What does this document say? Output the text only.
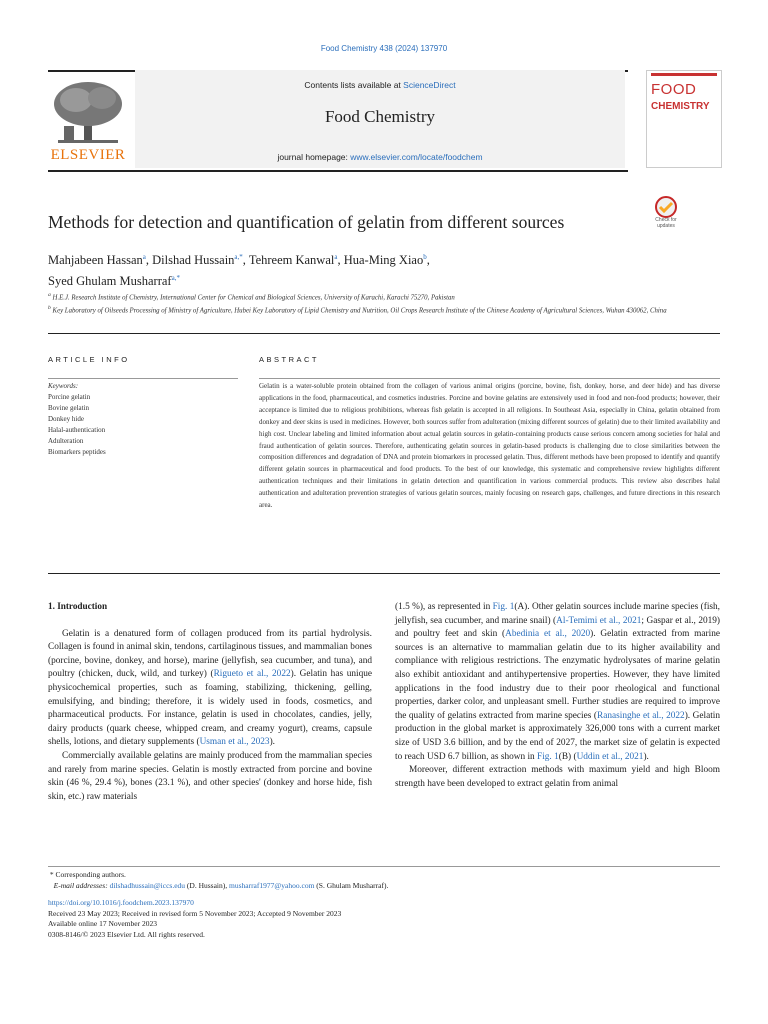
Food Chemistry 438 (2024) 137970
ELSEVIER
Contents lists available at ScienceDirect
Food Chemistry
journal homepage: www.elsevier.com/locate/foodchem
FOOD
CHEMISTRY
Methods for detection and quantification of gelatin from different sources	Check for updates
Mahjabeen Hassan$^a$, Dilshad Hussain$^{a,*}$, Tehreem Kanwal$^a$, Hua-Ming Xiao$^b$,
Syed Ghulam Musharraf$^{a,*}$
$^a$ H.E.J. Research Institute of Chemistry, International Center for Chemical and Biological Sciences, University of Karachi, Karachi 75270, Pakistan
$^b$ Key Laboratory of Oilseeds Processing of Ministry of Agriculture, Hubei Key Laboratory of Lipid Chemistry and Nutrition, Oil Crops Research Institute of the Chinese Academy of Agricultural Sciences, Wuhan 430062, China
ARTICLE INFO	ABSTRACT
Keywords:
Porcine gelatin
Bovine gelatin
Donkey hide
Halal-authentication
Adulteration
Biomarkers peptides
Gelatin is a water-soluble protein obtained from the collagen of various animal origins (porcine, bovine, fish, donkey, horse, and deer hide) and has diverse applications in the food, pharmaceutical, and cosmetics industries. Porcine and bovine gelatins are extensively used in food and non-food products; however, their acceptance is limited due to religious prohibitions, whereas fish gelatin is accepted in all religions. In Southeast Asia, especially in China, gelatin obtained from donkey and deer skins is used in medicines. However, both sources suffer from adulteration (mixing different sources of gelatin) due to their limited availability and high cost. Unclear labeling and limited information about actual gelatin sources in gelatin-containing products cause serious concern among societies for halal and fraud authentication of gelatin sources. Therefore, authenticating gelatin sources in gelatin-based products is challenging due to close similarities between the composition differences and degradation of DNA and protein biomarkers in processed gelatin. Thus, different methods have been proposed to identify and quantify different gelatin sources in pharmaceutical and food products. To the best of our knowledge, this systematic and comprehensive review highlights different authentication techniques and their limitations in gelatin detection and quantification in various commercial products. This review also describes halal authentication and adulteration prevention strategies of various gelatin sources, mainly focusing on research gaps, challenges, and future directions in this research area.
1. Introduction

Gelatin is a denatured form of collagen produced from its partial hydrolysis. Collagen is found in animal skin, tendons, cartilaginous tissues, and mammalian bones (porcine, bovine, donkey, and horse), marine (jellyfish, sea cucumber, and tuna), and poultry (chicken, duck, wild, and turkey) (Rigueto et al., 2022). Gelatin has unique physicochemical properties, such as foaming, stabilizing, thickening, gelling, emulsifying, and binding; therefore, it is widely used in foods, cosmetics, and pharmaceutical products. For instance, gelatin is used in chocolates, candies, jelly, dairy products (quark cheese, whipped cream, and creamy yogurt), creams, capsule shells, lotions, and dietary supplements (Usman et al., 2023).

Commercially available gelatins are mainly produced from the mammalian species and rarely from marine species. Gelatin is mostly extracted from porcine and bovine skin (46 %, 29.4 %), bones (23.1 %), and other species' (donkey and horse hide, fish skin, etc.) raw materials

(1.5 %), as represented in Fig. 1(A). Other gelatin sources include marine species (fish, jellyfish, sea cucumber, and marine snail) (Al-Temimi et al., 2021; Gaspar et al., 2019) and poultry feet and skin (Abedinia et al., 2020). Gelatin extracted from marine sources is an alternative to mammalian gelatin due to its higher availability and compliance with religious restrictions. The enzymatic hydrolysates of marine gelatin also exhibit antioxidant and antihypertensive properties. However, they have limited applications in the food industry due to their poor rheological and functional properties, darker color, and unpleasant smell. Further studies are required to improve the quality of gelatins extracted from marine species (Ranasinghe et al., 2022). Gelatin production in the global market is approximately 326,000 tons with a current market size of USD 3.6 billion, and by the end of 2027, the market size of gelatin is expected to reach USD 6.7 billion, as shown in Fig. 1(B) (Uddin et al., 2021).

Moreover, different extraction methods with maximum yield and high Bloom strength have been developed to extract gelatin from animal

* Corresponding authors.
E-mail addresses: dilshadhussain@iccs.edu (D. Hussain), musharraf1977@yahoo.com (S. Ghulam Musharraf).
https://doi.org/10.1016/j.foodchem.2023.137970
Received 23 May 2023; Received in revised form 5 November 2023; Accepted 9 November 2023
Available online 17 November 2023
0308-8146/© 2023 Elsevier Ltd. All rights reserved.
